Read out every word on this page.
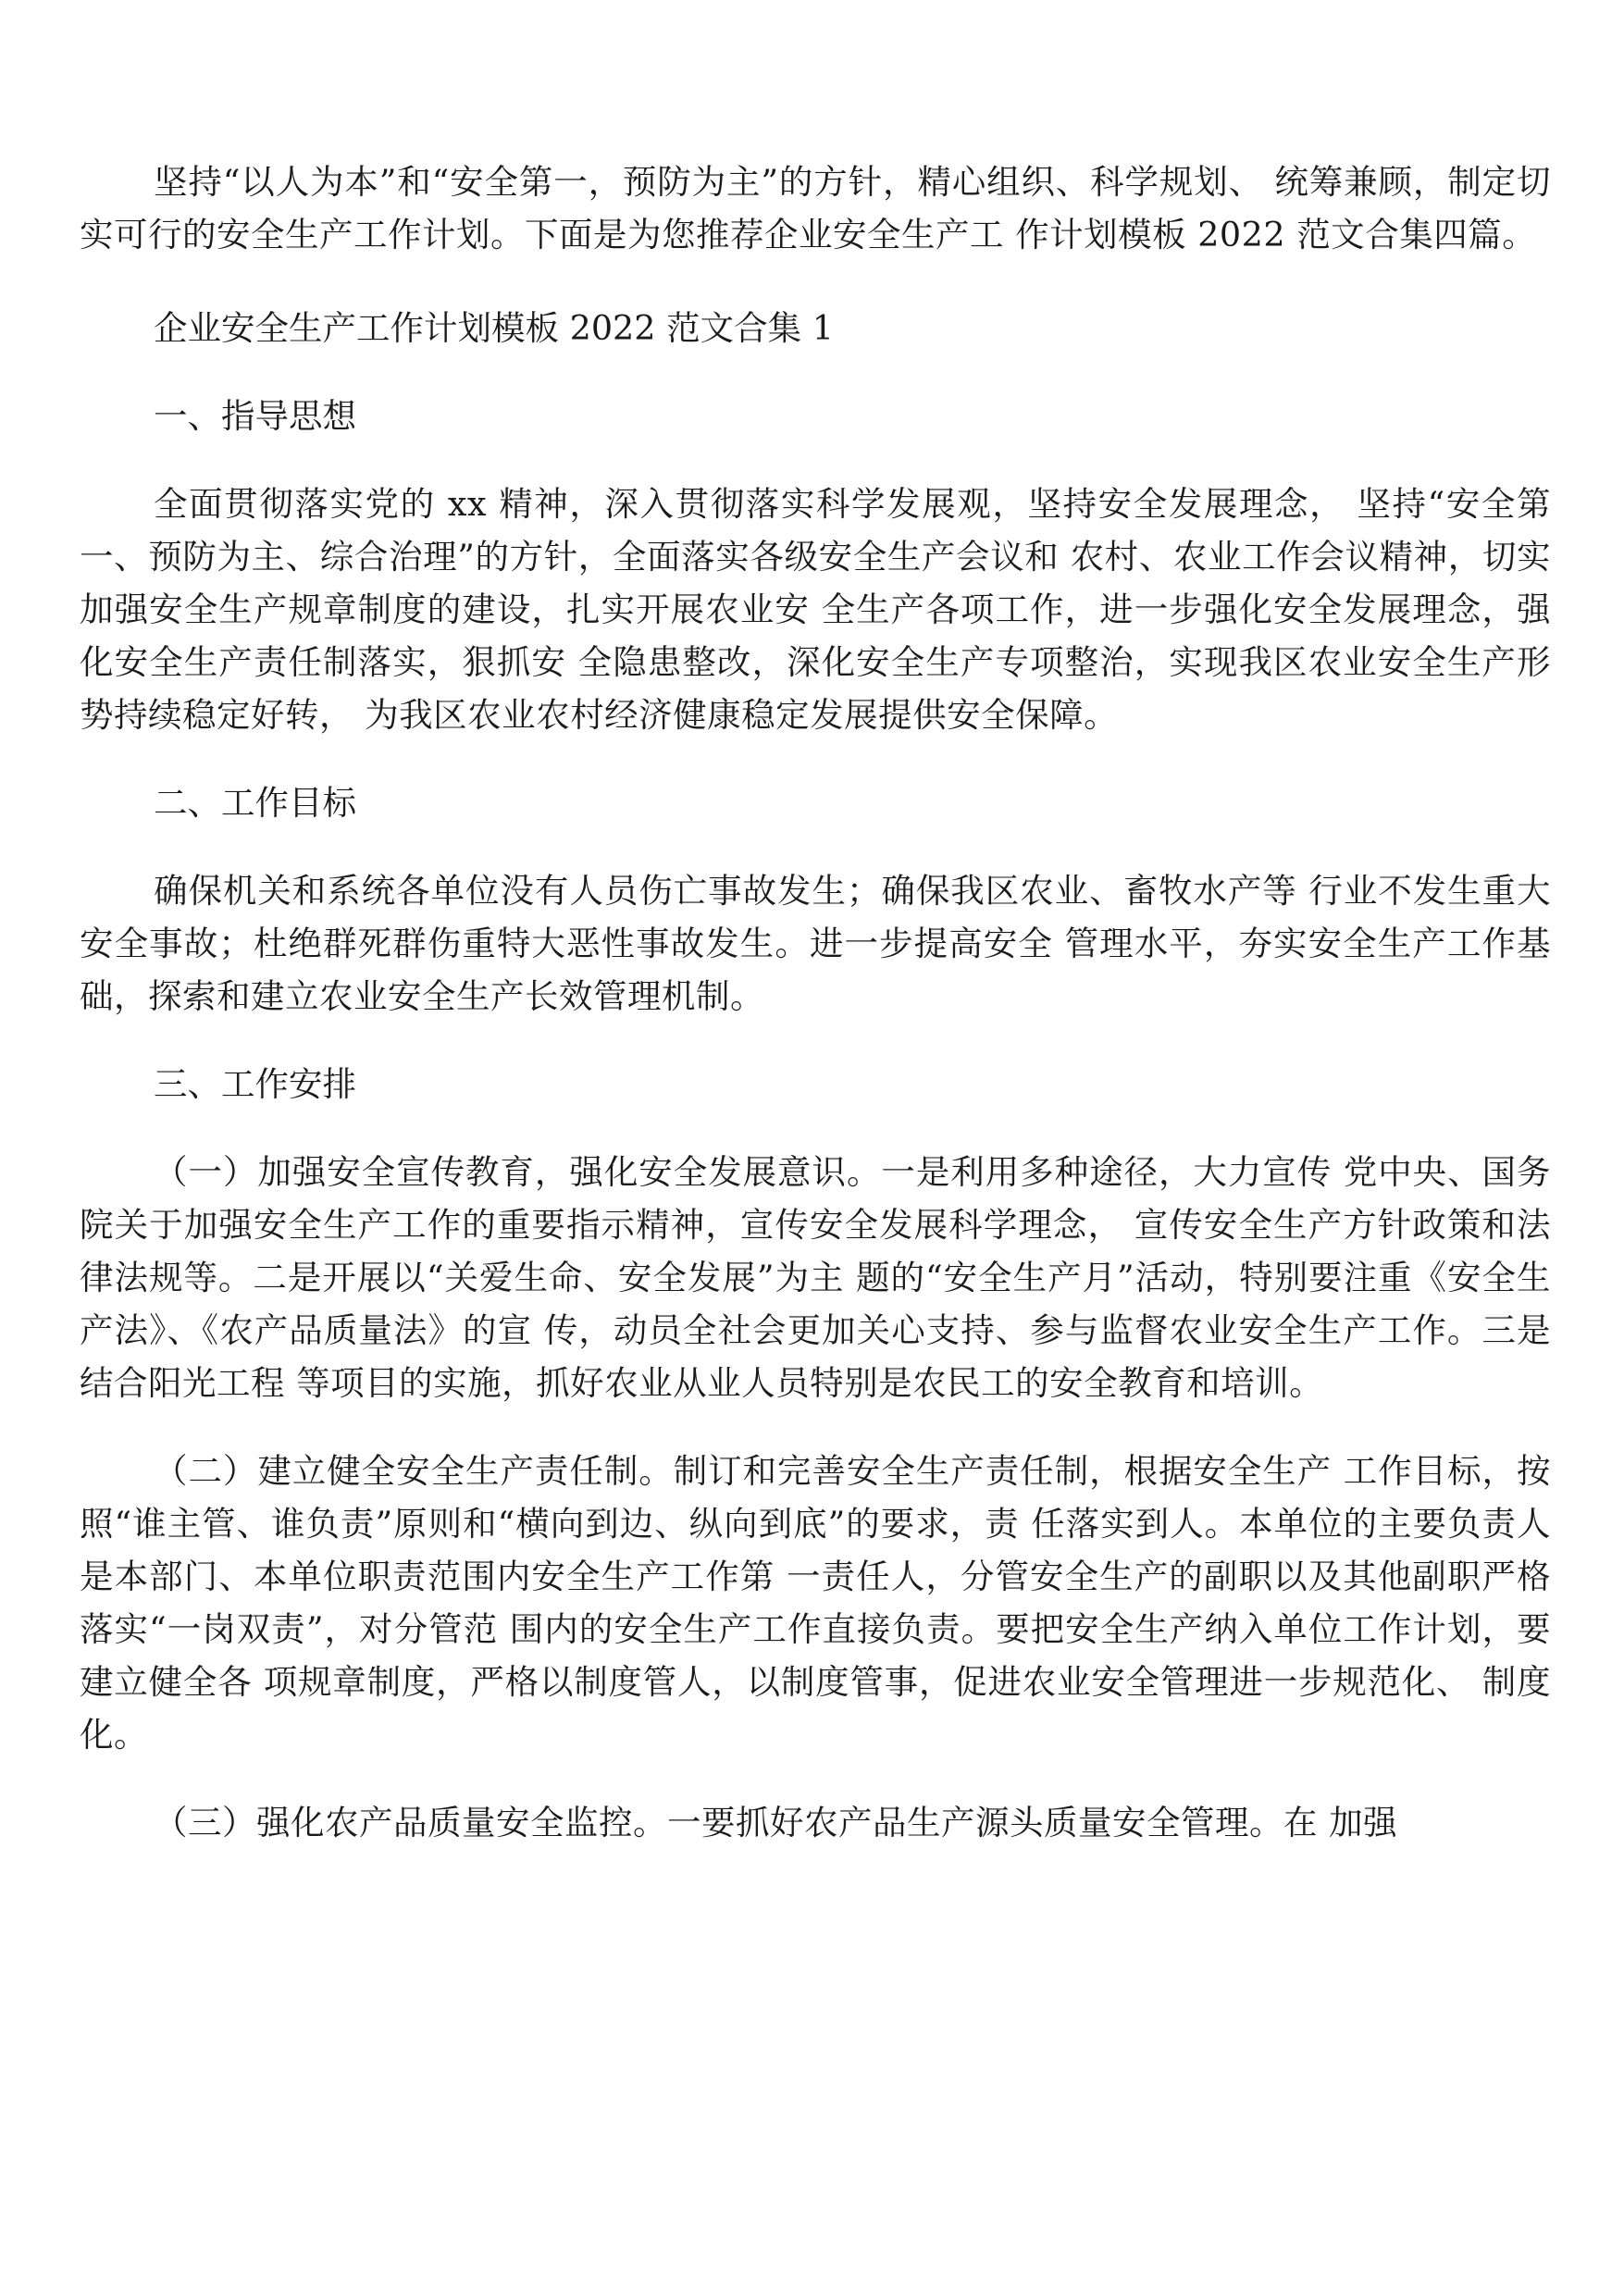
坚持“以人为本”和“安全第一，预防为主”的方针，精心组织、科学规划、 统筹兼顾，制定切实可行的安全生产工作计划。下面是为您推荐企业安全生产工 作计划模板 2022 范文合集四篇。

企业安全生产工作计划模板 2022 范文合集 1

一、指导思想

全面贯彻落实党的 xx 精神，深入贯彻落实科学发展观，坚持安全发展理念， 坚持“安全第一、预防为主、综合治理”的方针，全面落实各级安全生产会议和 农村、农业工作会议精神，切实加强安全生产规章制度的建设，扎实开展农业安 全生产各项工作，进一步强化安全发展理念，强化安全生产责任制落实，狠抓安 全隐患整改，深化安全生产专项整治，实现我区农业安全生产形势持续稳定好转， 为我区农业农村经济健康稳定发展提供安全保障。

二、工作目标

确保机关和系统各单位没有人员伤亡事故发生；确保我区农业、畜牧水产等 行业不发生重大安全事故；杜绝群死群伤重特大恶性事故发生。进一步提高安全 管理水平，夯实安全生产工作基础，探索和建立农业安全生产长效管理机制。

三、工作安排

（一）加强安全宣传教育，强化安全发展意识。一是利用多种途径，大力宣传 党中央、国务院关于加强安全生产工作的重要指示精神，宣传安全发展科学理念， 宣传安全生产方针政策和法律法规等。二是开展以“关爱生命、安全发展”为主 题的“安全生产月”活动，特别要注重《安全生产法》、《农产品质量法》的宣 传，动员全社会更加关心支持、参与监督农业安全生产工作。三是结合阳光工程 等项目的实施，抓好农业从业人员特别是农民工的安全教育和培训。

（二）建立健全安全生产责任制。制订和完善安全生产责任制，根据安全生产 工作目标，按照“谁主管、谁负责”原则和“横向到边、纵向到底”的要求，责 任落实到人。本单位的主要负责人是本部门、本单位职责范围内安全生产工作第 一责任人，分管安全生产的副职以及其他副职严格落实“一岗双责”，对分管范 围内的安全生产工作直接负责。要把安全生产纳入单位工作计划，要建立健全各 项规章制度，严格以制度管人，以制度管事，促进农业安全管理进一步规范化、 制度化。

（三）强化农产品质量安全监控。一要抓好农产品生产源头质量安全管理。在 加强
